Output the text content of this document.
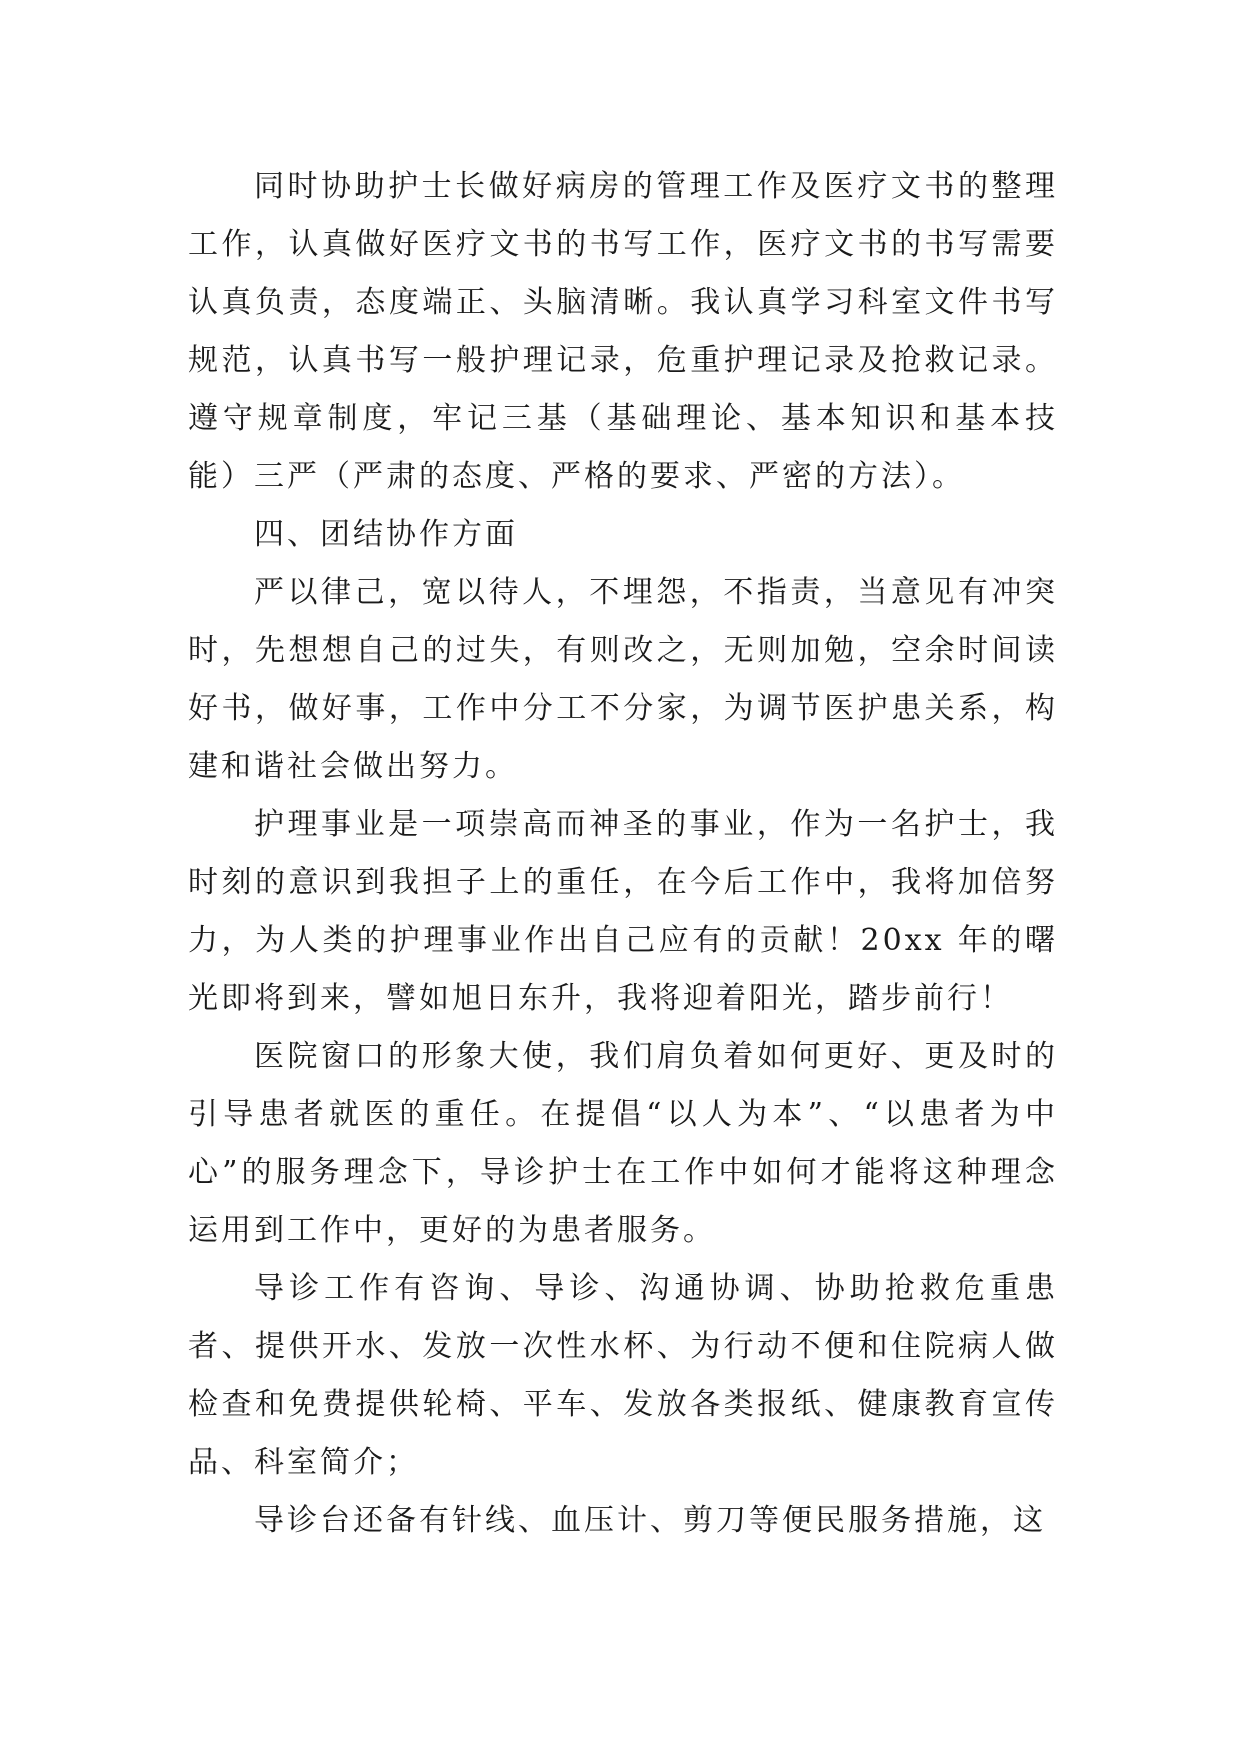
同时协助护士长做好病房的管理工作及医疗文书的整理工作，认真做好医疗文书的书写工作，医疗文书的书写需要认真负责，态度端正、头脑清晰。我认真学习科室文件书写规范，认真书写一般护理记录，危重护理记录及抢救记录。遵守规章制度，牢记三基（基础理论、基本知识和基本技能）三严（严肃的态度、严格的要求、严密的方法）。

四、团结协作方面

严以律己，宽以待人，不埋怨，不指责，当意见有冲突时，先想想自己的过失，有则改之，无则加勉，空余时间读好书，做好事，工作中分工不分家，为调节医护患关系，构建和谐社会做出努力。

护理事业是一项崇高而神圣的事业，作为一名护士，我时刻的意识到我担子上的重任，在今后工作中，我将加倍努力，为人类的护理事业作出自己应有的贡献！20xx 年的曙光即将到来，譬如旭日东升，我将迎着阳光，踏步前行！

医院窗口的形象大使，我们肩负着如何更好、更及时的引导患者就医的重任。在提倡“以人为本”、“以患者为中心”的服务理念下，导诊护士在工作中如何才能将这种理念运用到工作中，更好的为患者服务。

导诊工作有咨询、导诊、沟通协调、协助抢救危重患者、提供开水、发放一次性水杯、为行动不便和住院病人做检查和免费提供轮椅、平车、发放各类报纸、健康教育宣传品、科室简介；

导诊台还备有针线、血压计、剪刀等便民服务措施，这
